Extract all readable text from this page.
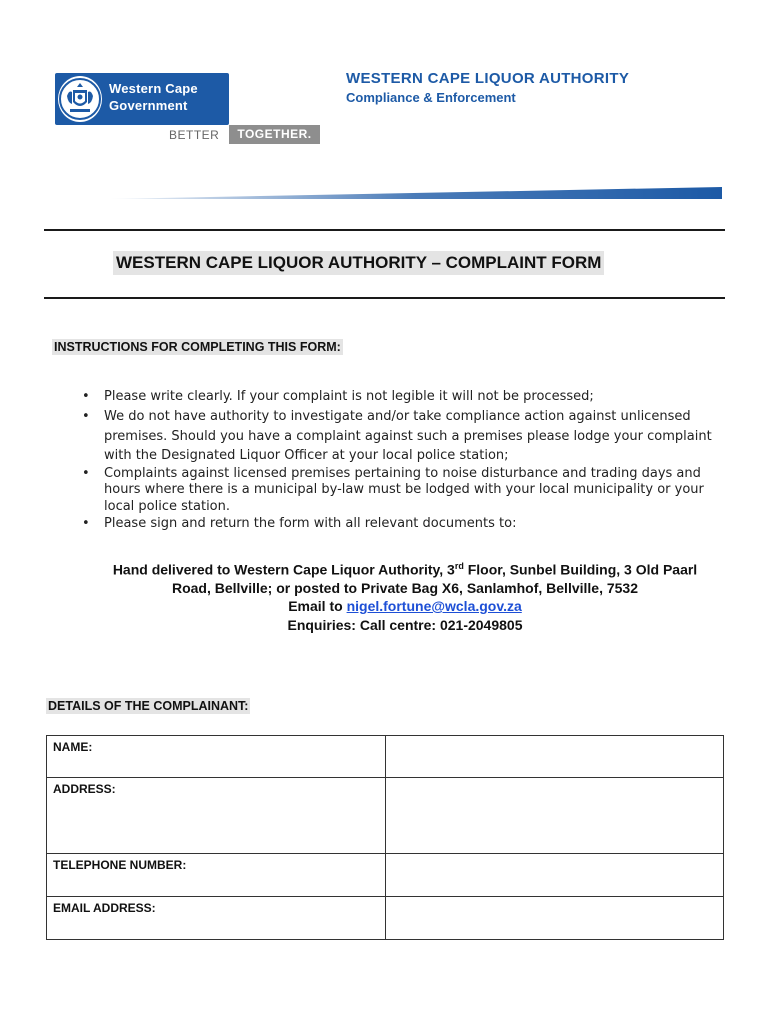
Western Cape
Government
BETTER	TOGETHER.
WESTERN CAPE LIQUOR AUTHORITY
Compliance & Enforcement
WESTERN CAPE LIQUOR AUTHORITY – COMPLAINT FORM
INSTRUCTIONS FOR COMPLETING THIS FORM:
• Please write clearly. If your complaint is not legible it will not be processed;
• We do not have authority to investigate and/or take compliance action against unlicensed
premises. Should you have a complaint against such a premises please lodge your complaint
with the Designated Liquor Officer at your local police station;
• Complaints against licensed premises pertaining to noise disturbance and trading days and
hours where there is a municipal by-law must be lodged with your local municipality or your
local police station.
• Please sign and return the form with all relevant documents to:
Hand delivered to Western Cape Liquor Authority, 3rd Floor, Sunbel Building, 3 Old Paarl
Road, Bellville; or posted to Private Bag X6, Sanlamhof, Bellville, 7532
Email to nigel.fortune@wcla.gov.za
Enquiries: Call centre: 021-2049805
DETAILS OF THE COMPLAINANT:
NAME:	

ADDRESS:	

TELEPHONE NUMBER:	

EMAIL ADDRESS:	
